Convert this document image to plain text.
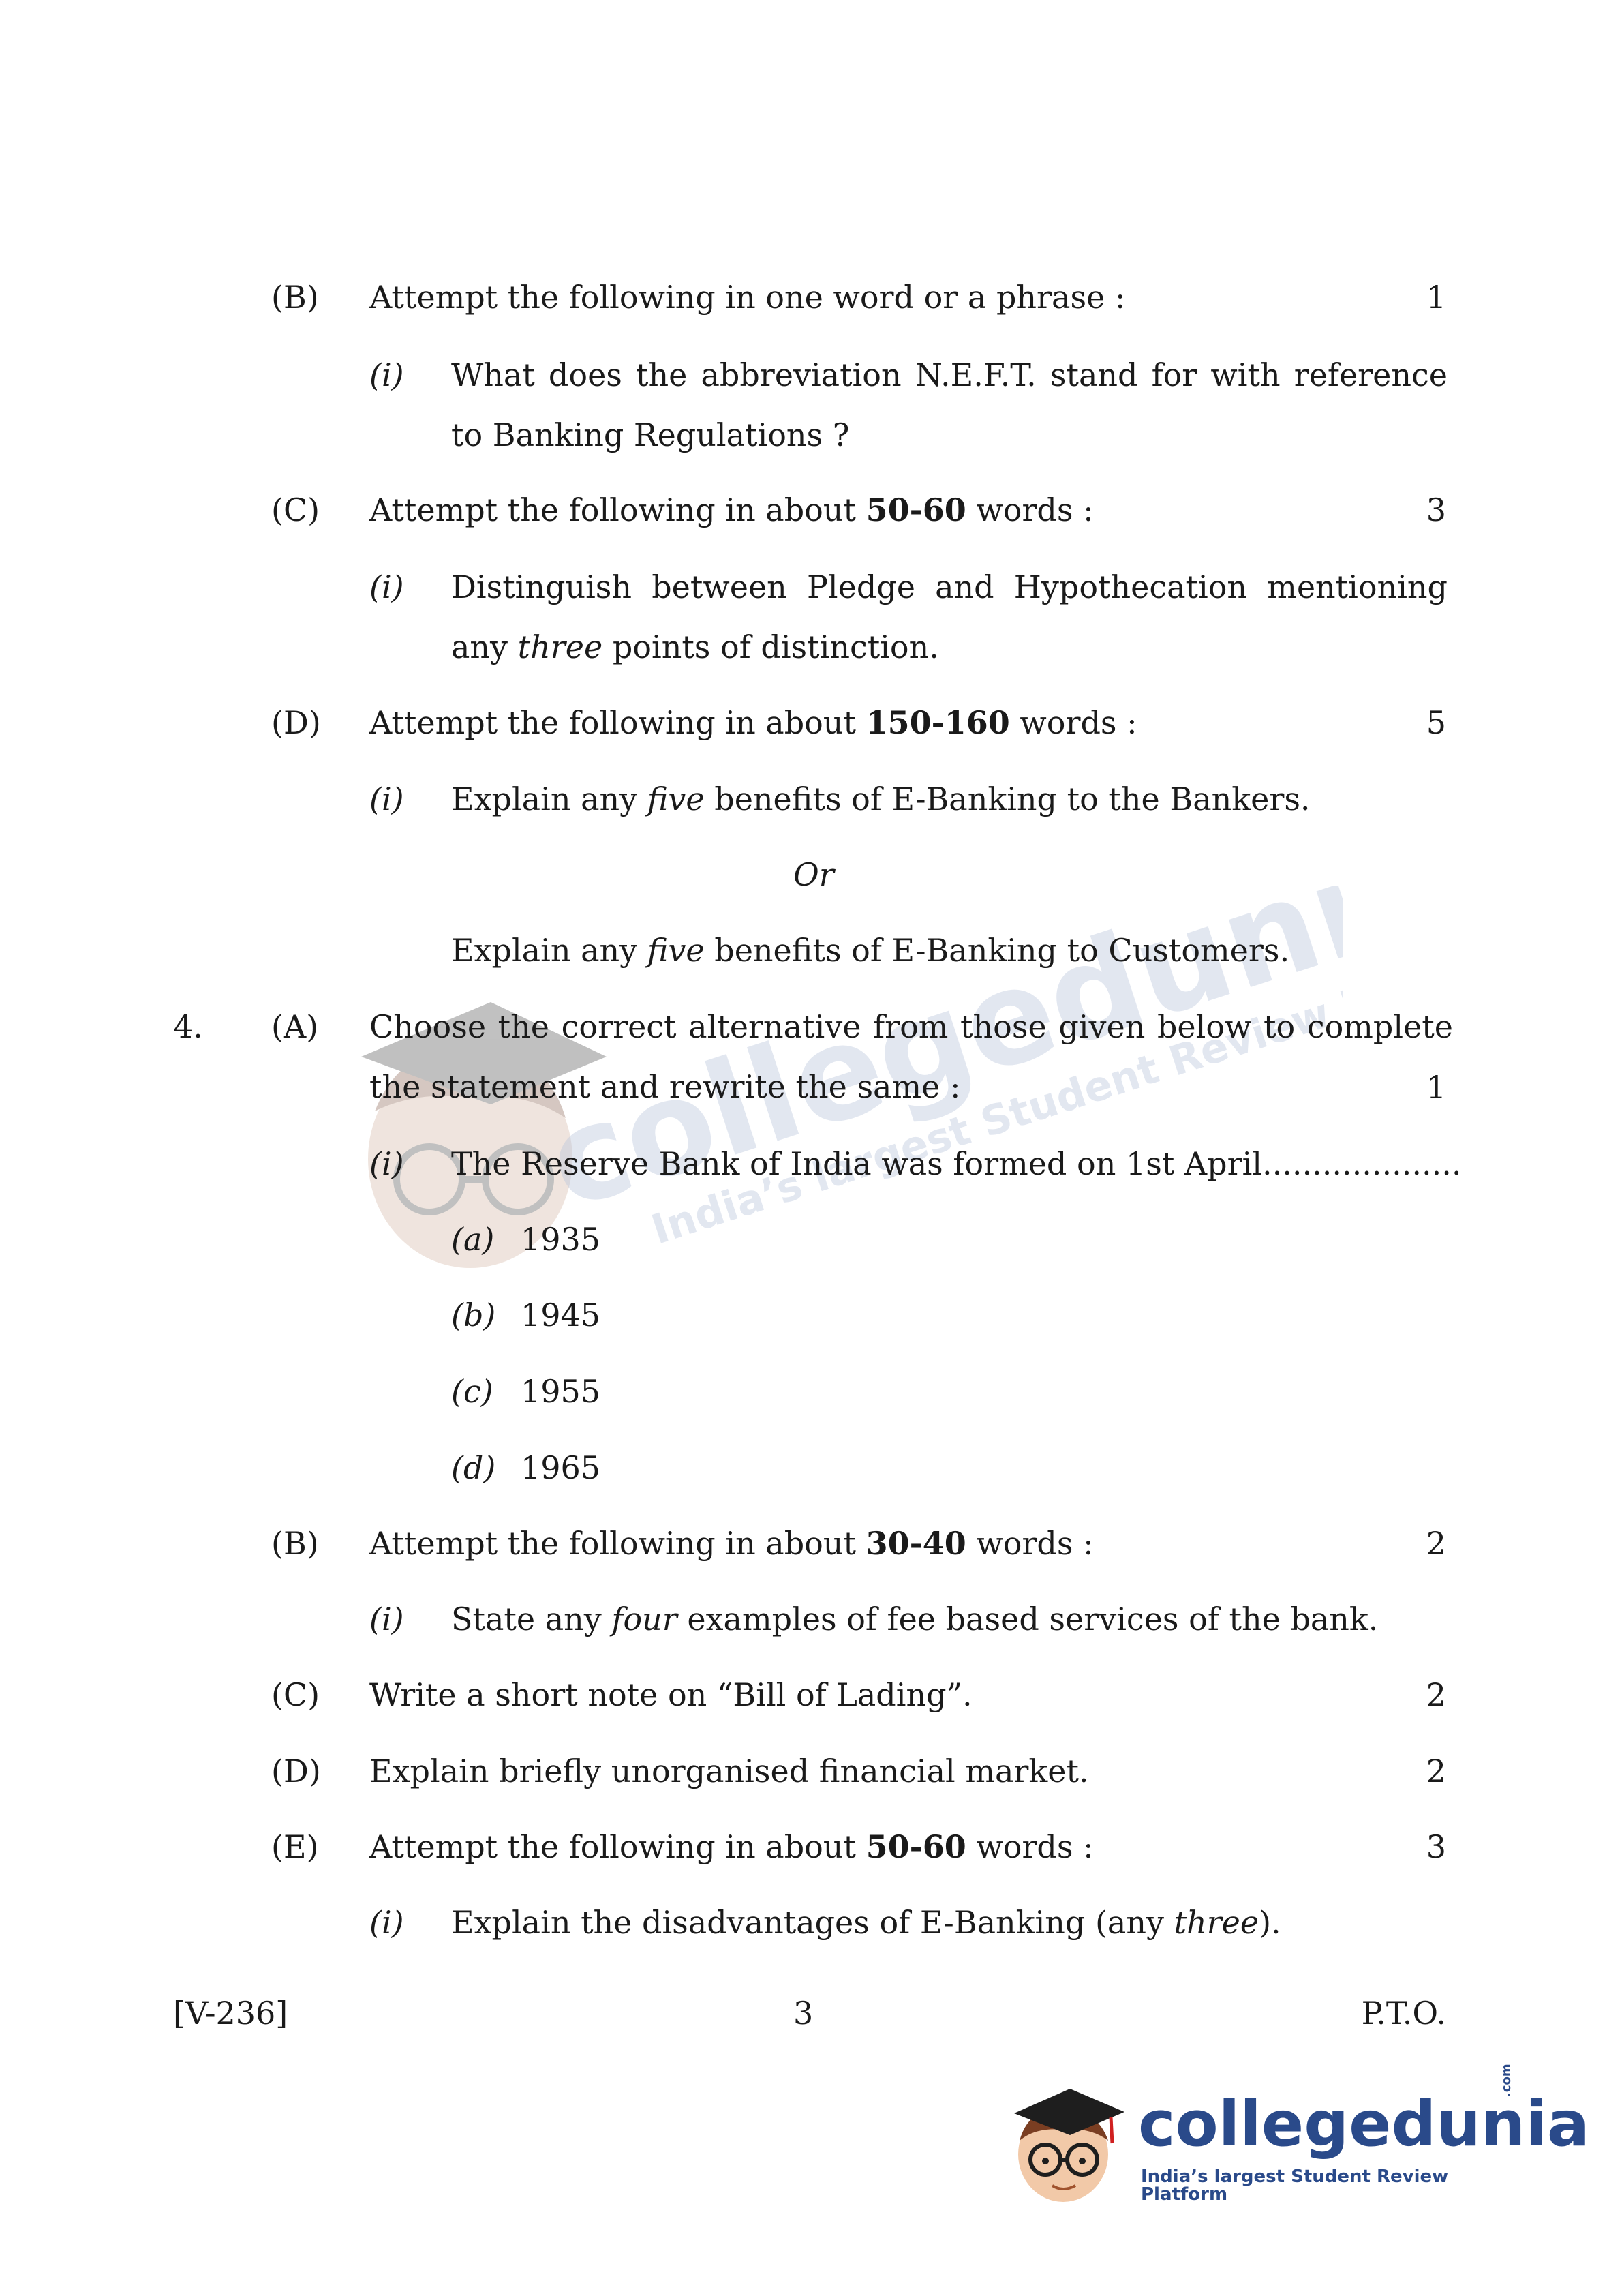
collegedunia
India’s largest Student Review Platform
(B) Attempt the following in one word or a phrase :	1
(i) What does the abbreviation N.E.F.T. stand for with reference to Banking Regulations ?
(C) Attempt the following in about 50-60 words :	3
(i) Distinguish between Pledge and Hypothecation mentioning any three points of distinction.
(D) Attempt the following in about 150-160 words :	5
(i) Explain any five benefits of E-Banking to the Bankers.
Or
Explain any five benefits of E-Banking to Customers.
4. (A) Choose the correct alternative from those given below to complete the statement and rewrite the same :	1
(i) The Reserve Bank of India was formed on 1st April....................
(a) 1935
(b) 1945
(c) 1955
(d) 1965
(B) Attempt the following in about 30-40 words :	2
(i) State any four examples of fee based services of the bank.
(C) Write a short note on “Bill of Lading”.	2
(D) Explain briefly unorganised financial market.	2
(E) Attempt the following in about 50-60 words :	3
(i) Explain the disadvantages of E-Banking (any three).
[V-236]	3	P.T.O.
collegedunia
.com
India’s largest Student Review Platform
